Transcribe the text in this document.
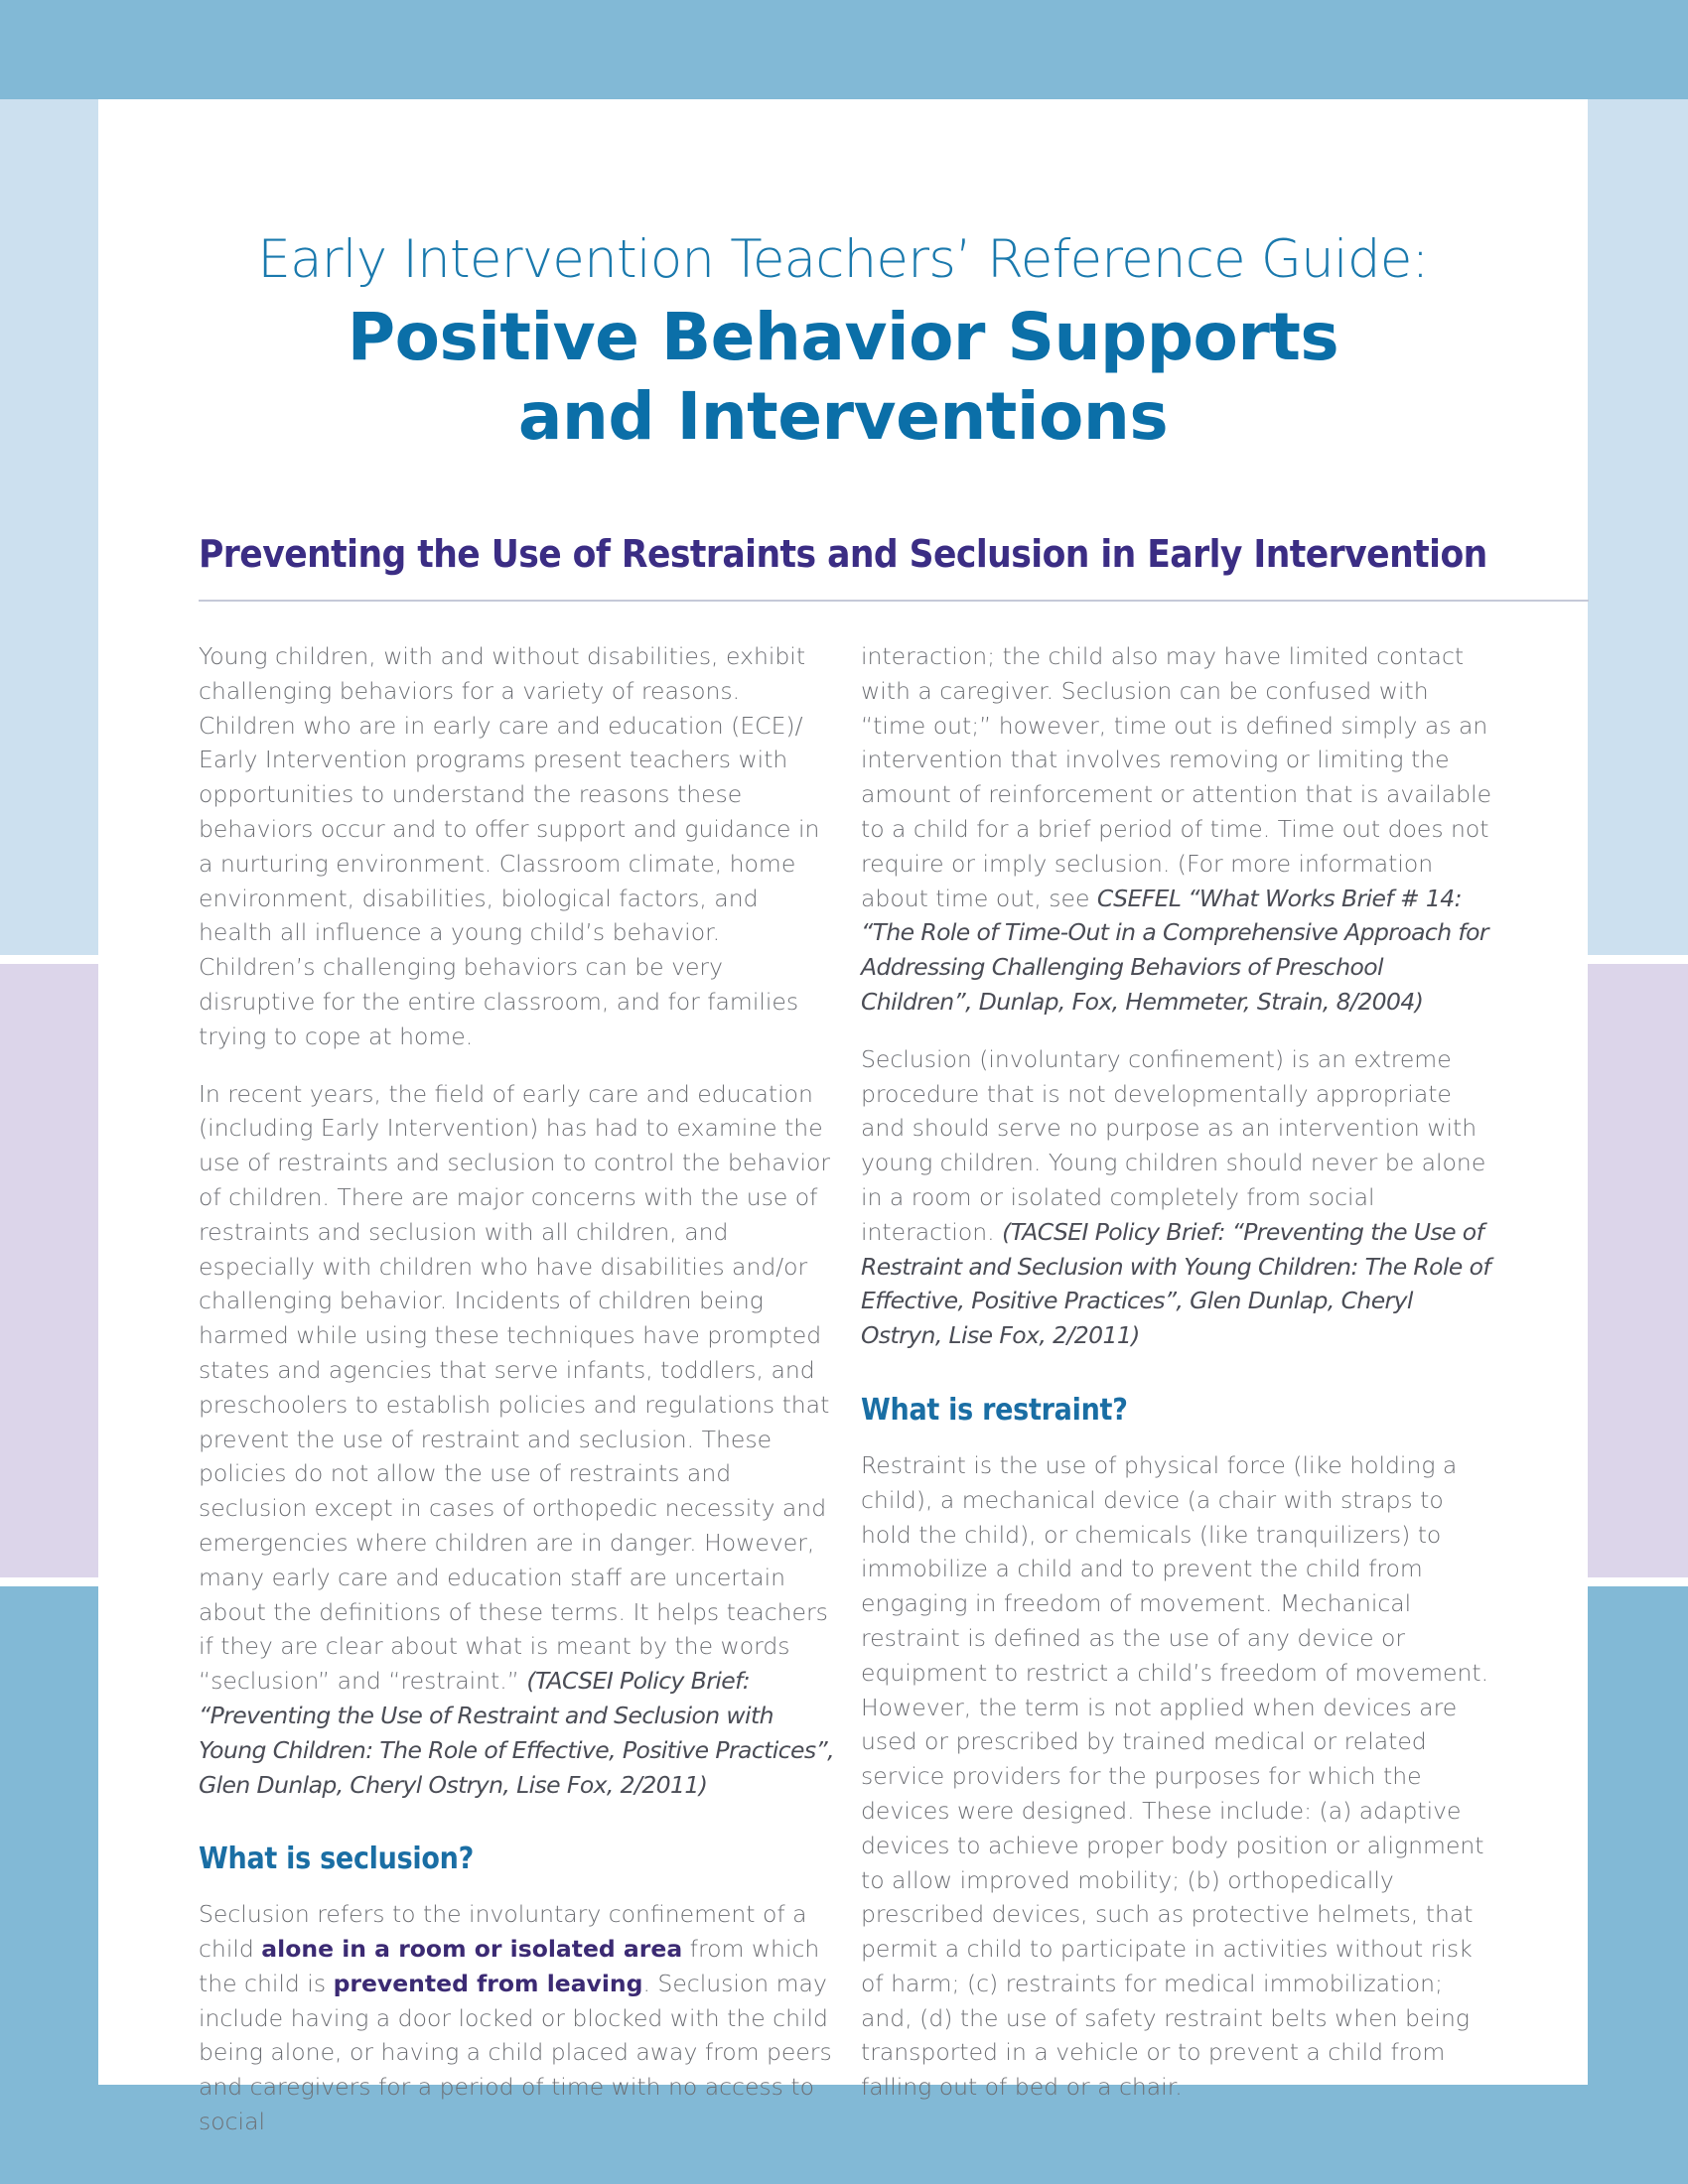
Early Intervention Teachers’ Reference Guide:
Positive Behavior Supports
and Interventions
Preventing the Use of Restraints and Seclusion in Early Intervention

Young children, with and without disabilities, exhibit challenging behaviors for a variety of reasons. Children who are in early care and education (ECE)/ Early Intervention programs present teachers with opportunities to understand the reasons these behaviors occur and to offer support and guidance in a nurturing environment. Classroom climate, home environment, disabilities, biological factors, and health all influence a young child’s behavior. Children’s challenging behaviors can be very disruptive for the entire classroom, and for families trying to cope at home.

In recent years, the field of early care and education (including Early Intervention) has had to examine the use of restraints and seclusion to control the behavior of children. There are major concerns with the use of restraints and seclusion with all children, and especially with children who have disabilities and/or challenging behavior. Incidents of children being harmed while using these techniques have prompted states and agencies that serve infants, toddlers, and preschoolers to establish policies and regulations that prevent the use of restraint and seclusion. These policies do not allow the use of restraints and seclusion except in cases of orthopedic necessity and emergencies where children are in danger. However, many early care and education staff are uncertain about the definitions of these terms. It helps teachers if they are clear about what is meant by the words “seclusion” and “restraint.” (TACSEI Policy Brief: “Preventing the Use of Restraint and Seclusion with Young Children: The Role of Effective, Positive Practices”, Glen Dunlap, Cheryl Ostryn, Lise Fox, 2/2011)

What is seclusion?

Seclusion refers to the involuntary confinement of a child alone in a room or isolated area from which the child is prevented from leaving. Seclusion may include having a door locked or blocked with the child being alone, or having a child placed away from peers and caregivers for a period of time with no access to social

interaction; the child also may have limited contact with a caregiver. Seclusion can be confused with “time out;” however, time out is defined simply as an intervention that involves removing or limiting the amount of reinforcement or attention that is available to a child for a brief period of time. Time out does not require or imply seclusion. (For more information about time out, see CSEFEL “What Works Brief # 14: “The Role of Time-Out in a Comprehensive Approach for Addressing Challenging Behaviors of Preschool Children”, Dunlap, Fox, Hemmeter, Strain, 8/2004)

Seclusion (involuntary confinement) is an extreme procedure that is not developmentally appropriate and should serve no purpose as an intervention with young children. Young children should never be alone in a room or isolated completely from social interaction. (TACSEI Policy Brief: “Preventing the Use of Restraint and Seclusion with Young Children: The Role of Effective, Positive Practices”, Glen Dunlap, Cheryl Ostryn, Lise Fox, 2/2011)

What is restraint?

Restraint is the use of physical force (like holding a child), a mechanical device (a chair with straps to hold the child), or chemicals (like tranquilizers) to immobilize a child and to prevent the child from engaging in freedom of movement. Mechanical restraint is defined as the use of any device or equipment to restrict a child’s freedom of movement. However, the term is not applied when devices are used or prescribed by trained medical or related service providers for the purposes for which the devices were designed. These include: (a) adaptive devices to achieve proper body position or alignment to allow improved mobility; (b) orthopedically prescribed devices, such as protective helmets, that permit a child to participate in activities without risk of harm; (c) restraints for medical immobilization; and, (d) the use of safety restraint belts when being transported in a vehicle or to prevent a child from falling out of bed or a chair.
